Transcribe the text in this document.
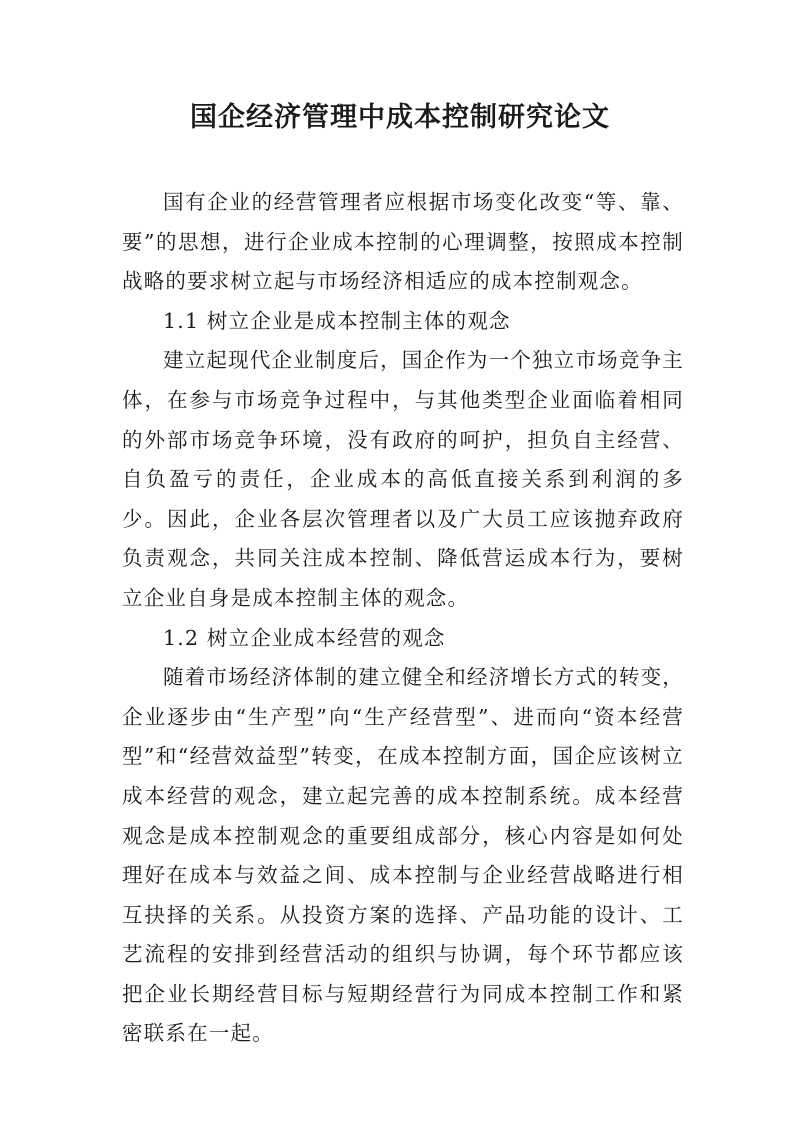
国企经济管理中成本控制研究论文

国有企业的经营管理者应根据市场变化改变“等、靠、要”的思想，进行企业成本控制的心理调整，按照成本控制战略的要求树立起与市场经济相适应的成本控制观念。

1.1 树立企业是成本控制主体的观念

建立起现代企业制度后，国企作为一个独立市场竞争主体，在参与市场竞争过程中，与其他类型企业面临着相同的外部市场竞争环境，没有政府的呵护，担负自主经营、自负盈亏的责任，企业成本的高低直接关系到利润的多少。因此，企业各层次管理者以及广大员工应该抛弃政府负责观念，共同关注成本控制、降低营运成本行为，要树立企业自身是成本控制主体的观念。

1.2 树立企业成本经营的观念

随着市场经济体制的建立健全和经济增长方式的转变，企业逐步由“生产型”向“生产经营型”、进而向“资本经营型”和“经营效益型”转变，在成本控制方面，国企应该树立成本经营的观念，建立起完善的成本控制系统。成本经营观念是成本控制观念的重要组成部分，核心内容是如何处理好在成本与效益之间、成本控制与企业经营战略进行相互抉择的关系。从投资方案的选择、产品功能的设计、工艺流程的安排到经营活动的组织与协调，每个环节都应该把企业长期经营目标与短期经营行为同成本控制工作和紧密联系在一起。
